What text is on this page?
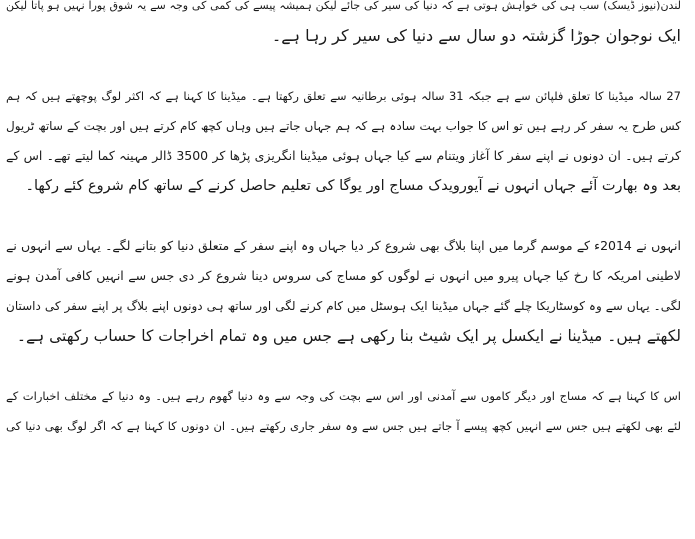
لندن(نیوز ڈیسک) سب ہی کی خواہش ہوتی ہے کہ دنیا کی سیر کی جائے لیکن ہمیشہ پیسے کی کمی کی وجہ سے یہ شوق پورا نہیں ہو پاتا لیکن
ایک نوجوان جوڑا گزشتہ دو سال سے دنیا کی سیر کر رہا ہے۔
27 سالہ میڈینا کا تعلق فلپائن سے ہے جبکہ 31 سالہ ہوئی برطانیہ سے تعلق رکھتا ہے۔ میڈینا کا کہنا ہے کہ اکثر لوگ پوچھتے ہیں کہ ہم
کس طرح یہ سفر کر رہے ہیں تو اس کا جواب بہت سادہ ہے کہ ہم جہاں جاتے ہیں وہاں کچھ کام کرتے ہیں اور بچت کے ساتھ ٹریول
کرتے ہیں۔ ان دونوں نے اپنے سفر کا آغاز ویتنام سے کیا جہاں ہوئی میڈینا انگریزی پڑھا کر 3500 ڈالر مہینہ کما لیتے تھے۔ اس کے
بعد وہ بھارت آئے جہاں انہوں نے آیورویدک مساج اور یوگا کی تعلیم حاصل کرنے کے ساتھ کام شروع کئے رکھا۔
انہوں نے 2014ء کے موسم گرما میں اپنا بلاگ بھی شروع کر دیا جہاں وہ اپنے سفر کے متعلق دنیا کو بتانے لگے۔ یہاں سے انہوں نے
لاطینی امریکہ کا رخ کیا جہاں پیرو میں انہوں نے لوگوں کو مساج کی سروس دینا شروع کر دی جس سے انہیں کافی آمدن ہونے
لگی۔ یہاں سے وہ کوسٹاریکا چلے گئے جہاں میڈینا ایک ہوسٹل میں کام کرنے لگی اور ساتھ ہی دونوں اپنے بلاگ پر اپنے سفر کی داستان
لکھتے ہیں۔ میڈینا نے ایکسل پر ایک شیٹ بنا رکھی ہے جس میں وہ تمام اخراجات کا حساب رکھتی ہے۔
اس کا کہنا ہے کہ مساج اور دیگر کاموں سے آمدنی اور اس سے بچت کی وجہ سے وہ دنیا گھوم رہے ہیں۔ وہ دنیا کے مختلف اخبارات کے
لئے بھی لکھتے ہیں جس سے انہیں کچھ پیسے آ جاتے ہیں جس سے وہ سفر جاری رکھتے ہیں۔ ان دونوں کا کہنا ہے کہ اگر لوگ بھی دنیا کی
